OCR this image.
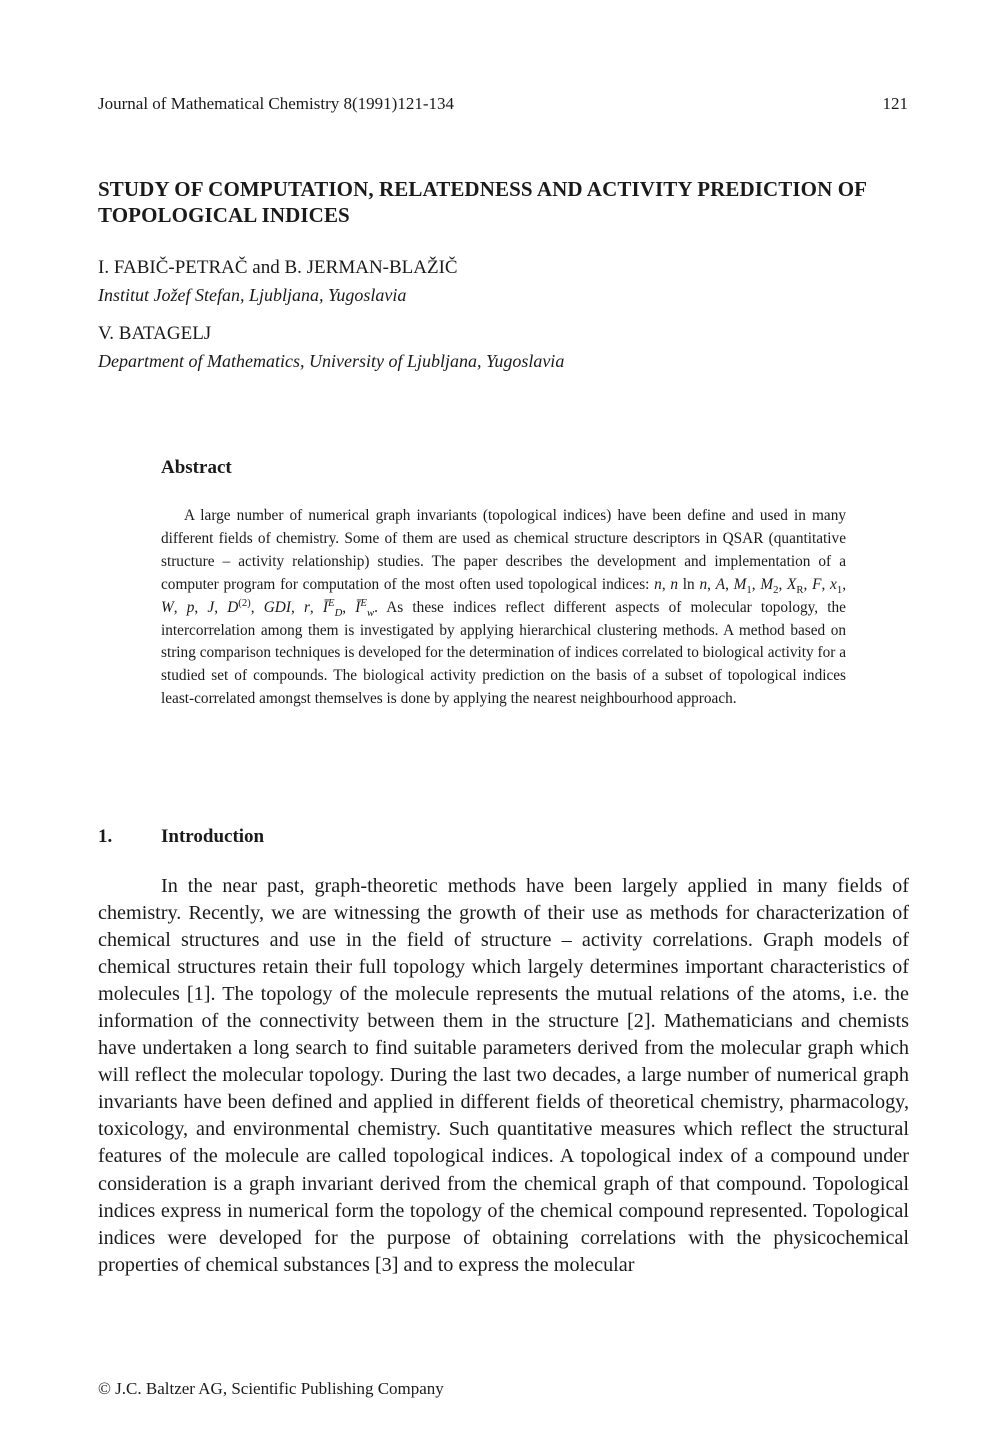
Journal of Mathematical Chemistry 8(1991)121-134	121
STUDY OF COMPUTATION, RELATEDNESS AND ACTIVITY PREDICTION OF TOPOLOGICAL INDICES
I. FABIČ-PETRAČ and B. JERMAN-BLAŽIČ
Institut Jožef Stefan, Ljubljana, Yugoslavia
V. BATAGELJ
Department of Mathematics, University of Ljubljana, Yugoslavia
Abstract

A large number of numerical graph invariants (topological indices) have been define and used in many different fields of chemistry. Some of them are used as chemical structure descriptors in QSAR (quantitative structure – activity relationship) studies. The paper describes the development and implementation of a computer program for computation of the most often used topological indices: n, n ln n, A, $M_1$, $M_2$, $X_R$, F, $x_1$, W, p, J, $D^{(2)}$, GDI, r, $Ī^E_D$, $Ī^E_w$. As these indices reflect different aspects of molecular topology, the intercorrelation among them is investigated by applying hierarchical clustering methods. A method based on string comparison techniques is developed for the determination of indices correlated to biological activity for a studied set of compounds. The biological activity prediction on the basis of a subset of topological indices least-correlated amongst themselves is done by applying the nearest neighbourhood approach.

1.	Introduction

In the near past, graph-theoretic methods have been largely applied in many fields of chemistry. Recently, we are witnessing the growth of their use as methods for characterization of chemical structures and use in the field of structure – activity correlations. Graph models of chemical structures retain their full topology which largely determines important characteristics of molecules [1]. The topology of the molecule represents the mutual relations of the atoms, i.e. the information of the connectivity between them in the structure [2]. Mathematicians and chemists have undertaken a long search to find suitable parameters derived from the molecular graph which will reflect the molecular topology. During the last two decades, a large number of numerical graph invariants have been defined and applied in different fields of theoretical chemistry, pharmacology, toxicology, and environmental chemistry. Such quantitative measures which reflect the structural features of the molecule are called topological indices. A topological index of a compound under consideration is a graph invariant derived from the chemical graph of that compound. Topological indices express in numerical form the topology of the chemical compound represented. Topological indices were developed for the purpose of obtaining correlations with the physicochemical properties of chemical substances [3] and to express the molecular

© J.C. Baltzer AG, Scientific Publishing Company
